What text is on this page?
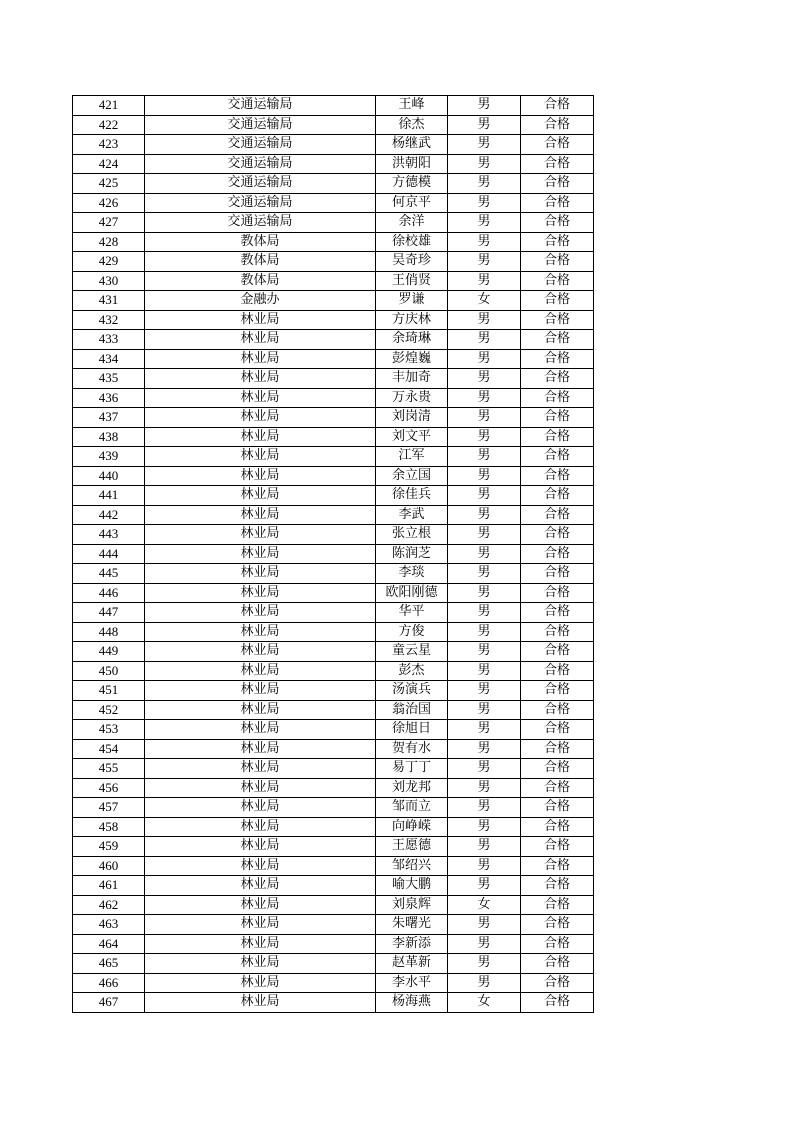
421	交通运输局	王峰	男	合格
422	交通运输局	徐杰	男	合格
423	交通运输局	杨继武	男	合格
424	交通运输局	洪朝阳	男	合格
425	交通运输局	方德模	男	合格
426	交通运输局	何京平	男	合格
427	交通运输局	余洋	男	合格
428	教体局	徐校雄	男	合格
429	教体局	吴奇珍	男	合格
430	教体局	王俏贤	男	合格
431	金融办	罗谦	女	合格
432	林业局	方庆林	男	合格
433	林业局	余琦琳	男	合格
434	林业局	彭煌巍	男	合格
435	林业局	丰加奇	男	合格
436	林业局	万永贵	男	合格
437	林业局	刘岗清	男	合格
438	林业局	刘文平	男	合格
439	林业局	江军	男	合格
440	林业局	余立国	男	合格
441	林业局	徐佳兵	男	合格
442	林业局	李武	男	合格
443	林业局	张立根	男	合格
444	林业局	陈润芝	男	合格
445	林业局	李琰	男	合格
446	林业局	欧阳刚德	男	合格
447	林业局	华平	男	合格
448	林业局	方俊	男	合格
449	林业局	童云星	男	合格
450	林业局	彭杰	男	合格
451	林业局	汤演兵	男	合格
452	林业局	翁治国	男	合格
453	林业局	徐旭日	男	合格
454	林业局	贺有水	男	合格
455	林业局	易丁丁	男	合格
456	林业局	刘龙邦	男	合格
457	林业局	邹而立	男	合格
458	林业局	向峥嵘	男	合格
459	林业局	王愿德	男	合格
460	林业局	邹绍兴	男	合格
461	林业局	喻大鹏	男	合格
462	林业局	刘泉辉	女	合格
463	林业局	朱曙光	男	合格
464	林业局	李新添	男	合格
465	林业局	赵革新	男	合格
466	林业局	李水平	男	合格
467	林业局	杨海燕	女	合格
